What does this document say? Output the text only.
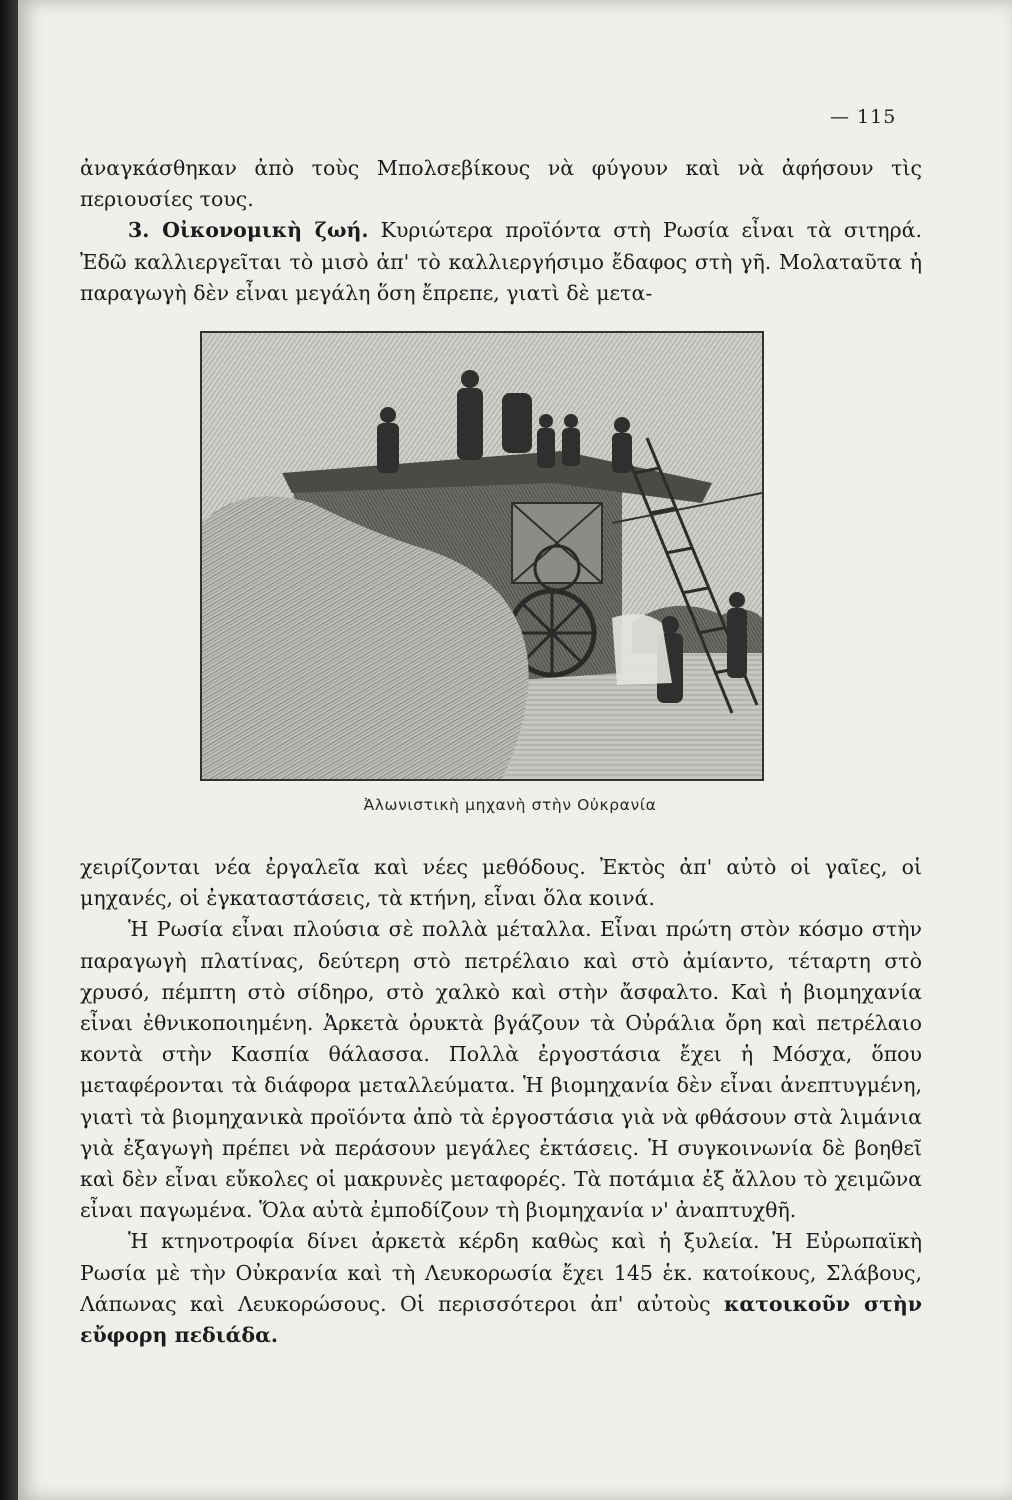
— 115

ἀναγκάσθηκαν ἀπὸ τοὺς Μπολσεβίκους νὰ φύγουν καὶ νὰ ἀφήσουν τὶς περιουσίες τους.

3. Οἰκονομικὴ ζωή. Κυριώτερα προϊόντα στὴ Ρωσία εἶναι τὰ σιτηρά. Ἐδῶ καλλιεργεῖται τὸ μισὸ ἀπ' τὸ καλλιεργήσιμο ἔδαφος στὴ γῆ. Μολαταῦτα ἡ παραγωγὴ δὲν εἶναι μεγάλη ὅση ἔπρεπε, γιατὶ δὲ μετα-

Ἀλωνιστικὴ μηχανὴ στὴν Οὐκρανία

χειρίζονται νέα ἐργαλεῖα καὶ νέες μεθόδους. Ἐκτὸς ἀπ' αὐτὸ οἱ γαῖες, οἱ μηχανές, οἱ ἐγκαταστάσεις, τὰ κτήνη, εἶναι ὅλα κοινά.

Ἡ Ρωσία εἶναι πλούσια σὲ πολλὰ μέταλλα. Εἶναι πρώτη στὸν κόσμο στὴν παραγωγὴ πλατίνας, δεύτερη στὸ πετρέλαιο καὶ στὸ ἀμίαντο, τέταρτη στὸ χρυσό, πέμπτη στὸ σίδηρο, στὸ χαλκὸ καὶ στὴν ἄσφαλτο. Καὶ ἡ βιομηχανία εἶναι ἐθνικοποιημένη. Ἀρκετὰ ὀρυκτὰ βγάζουν τὰ Οὐράλια ὄρη καὶ πετρέλαιο κοντὰ στὴν Κασπία θάλασσα. Πολλὰ ἐργοστάσια ἔχει ἡ Μόσχα, ὅπου μεταφέρονται τὰ διάφορα μεταλλεύματα. Ἡ βιομηχανία δὲν εἶναι ἀνεπτυγμένη, γιατὶ τὰ βιομηχανικὰ προϊόντα ἀπὸ τὰ ἐργοστάσια γιὰ νὰ φθάσουν στὰ λιμάνια γιὰ ἐξαγωγὴ πρέπει νὰ περάσουν μεγάλες ἐκτάσεις. Ἡ συγκοινωνία δὲ βοηθεῖ καὶ δὲν εἶναι εὔκολες οἱ μακρυνὲς μεταφορές. Τὰ ποτάμια ἐξ ἄλλου τὸ χειμῶνα εἶναι παγωμένα. Ὅλα αὐτὰ ἐμποδίζουν τὴ βιομηχανία ν' ἀναπτυχθῆ.

Ἡ κτηνοτροφία δίνει ἀρκετὰ κέρδη καθὼς καὶ ἡ ξυλεία. Ἡ Εὐρωπαϊκὴ Ρωσία μὲ τὴν Οὐκρανία καὶ τὴ Λευκορωσία ἔχει 145 ἑκ. κατοίκους, Σλάβους, Λάπωνας καὶ Λευκορώσους. Οἱ περισσότεροι ἀπ' αὐτοὺς κατοικοῦν στὴν εὔφορη πεδιάδα.
